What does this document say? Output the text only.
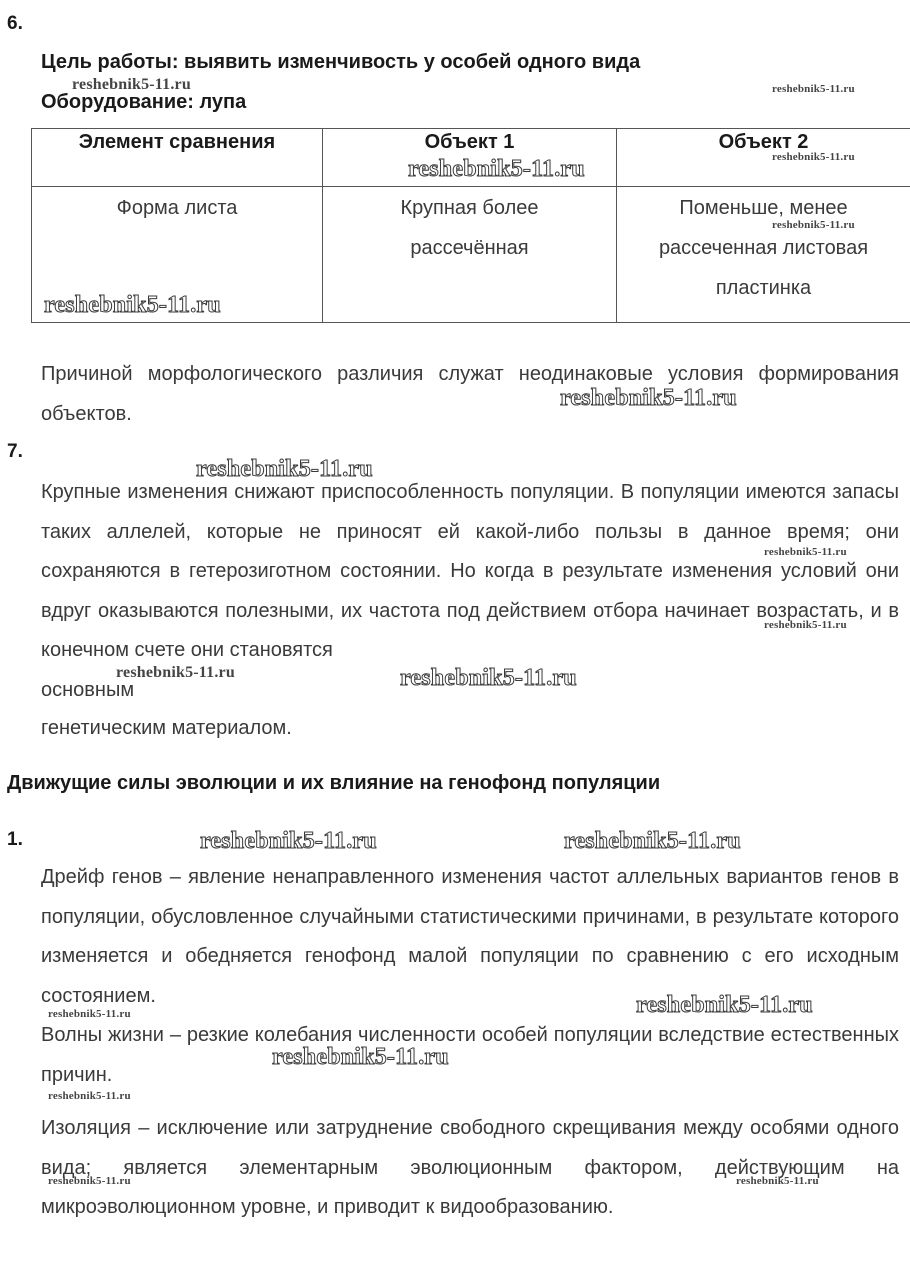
6.
Цель работы: выявить изменчивость у особей одного вида
Оборудование: лупа
Элемент сравнения	Объект 1	Объект 2

Форма листа	Крупная более рассечённая	Поменьше, менее рассеченная листовая пластинка
Причиной морфологического различия служат неодинаковые условия формирования объектов.
7.
Крупные изменения снижают приспособленность популяции. В популяции имеются запасы таких аллелей, которые не приносят ей какой-либо пользы в данное время; они сохраняются в гетерозиготном состоянии. Но когда в результате изменения условий они вдруг оказываются полезными, их частота под действием отбора начинает возрастать, и в конечном счете они становятся
основным
генетическим материалом.
Движущие силы эволюции и их влияние на генофонд популяции
1.
Дрейф генов – явление ненаправленного изменения частот аллельных вариантов генов в популяции, обусловленное случайными статистическими причинами, в результате которого изменяется и обедняется генофонд малой популяции по сравнению с его исходным состоянием.
Волны жизни – резкие колебания численности особей популяции вследствие естественных причин.
Изоляция – исключение или затруднение свободного скрещивания между особями одного вида; является элементарным эволюционным фактором, действующим на микроэволюционном уровне, и приводит к видообразованию.
reshebnik5-11.ru	reshebnik5-11.ru
reshebnik5-11.ru	reshebnik5-11.ru
reshebnik5-11.ru
reshebnik5-11.ru
reshebnik5-11.ru
reshebnik5-11.ru
reshebnik5-11.ru
reshebnik5-11.ru
reshebnik5-11.ru	reshebnik5-11.ru
reshebnik5-11.ru	reshebnik5-11.ru
reshebnik5-11.ru	reshebnik5-11.ru
reshebnik5-11.ru
reshebnik5-11.ru
reshebnik5-11.ru	reshebnik5-11.ru
